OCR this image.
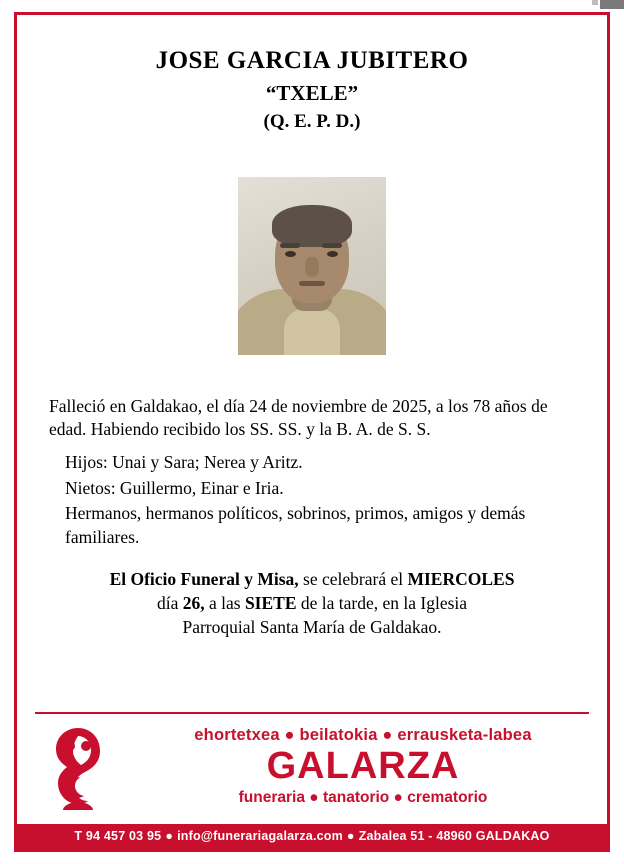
JOSE GARCIA JUBITERO
“TXELE”
(Q. E. P. D.)
Falleció en Galdakao, el día 24 de noviembre de 2025, a los 78 años de edad. Habiendo recibido los SS. SS. y la B. A. de S. S.
Hijos: Unai y Sara; Nerea y Aritz.
Nietos: Guillermo, Einar e Iria.
Hermanos, hermanos políticos, sobrinos, primos, amigos y demás familiares.
El Oficio Funeral y Misa, se celebrará el MIERCOLES
día 26, a las SIETE de la tarde, en la Iglesia
Parroquial Santa María de Galdakao.
ehortetxea ● beilatokia ● errausketa-labea
GALARZA
funeraria ● tanatorio ● crematorio
T 94 457 03 95 ● info@funerariagalarza.com ● Zabalea 51 - 48960 GALDAKAO
